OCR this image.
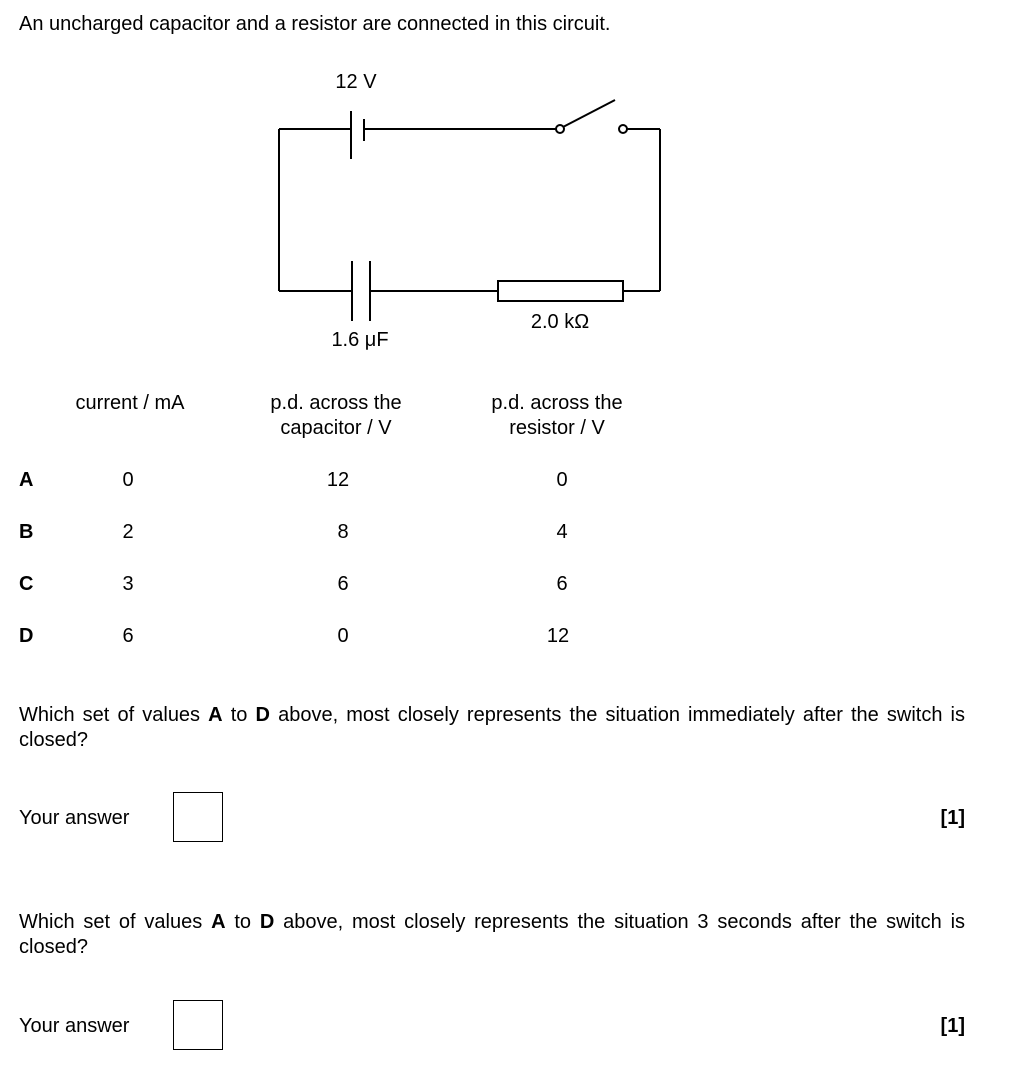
An uncharged capacitor and a resistor are connected in this circuit.
12 V
1.6 μF
2.0 kΩ
current / mA	p.d. across the
capacitor / V
p.d. across the
resistor / V
A	0	12	0
B	2	8	4
C	3	6	6
D	6	0	12
Which set of values A to D above, most closely represents the situation immediately after the switch is closed?
Your answer	[1]
Which set of values A to D above, most closely represents the situation 3 seconds after the switch is closed?
Your answer	[1]
